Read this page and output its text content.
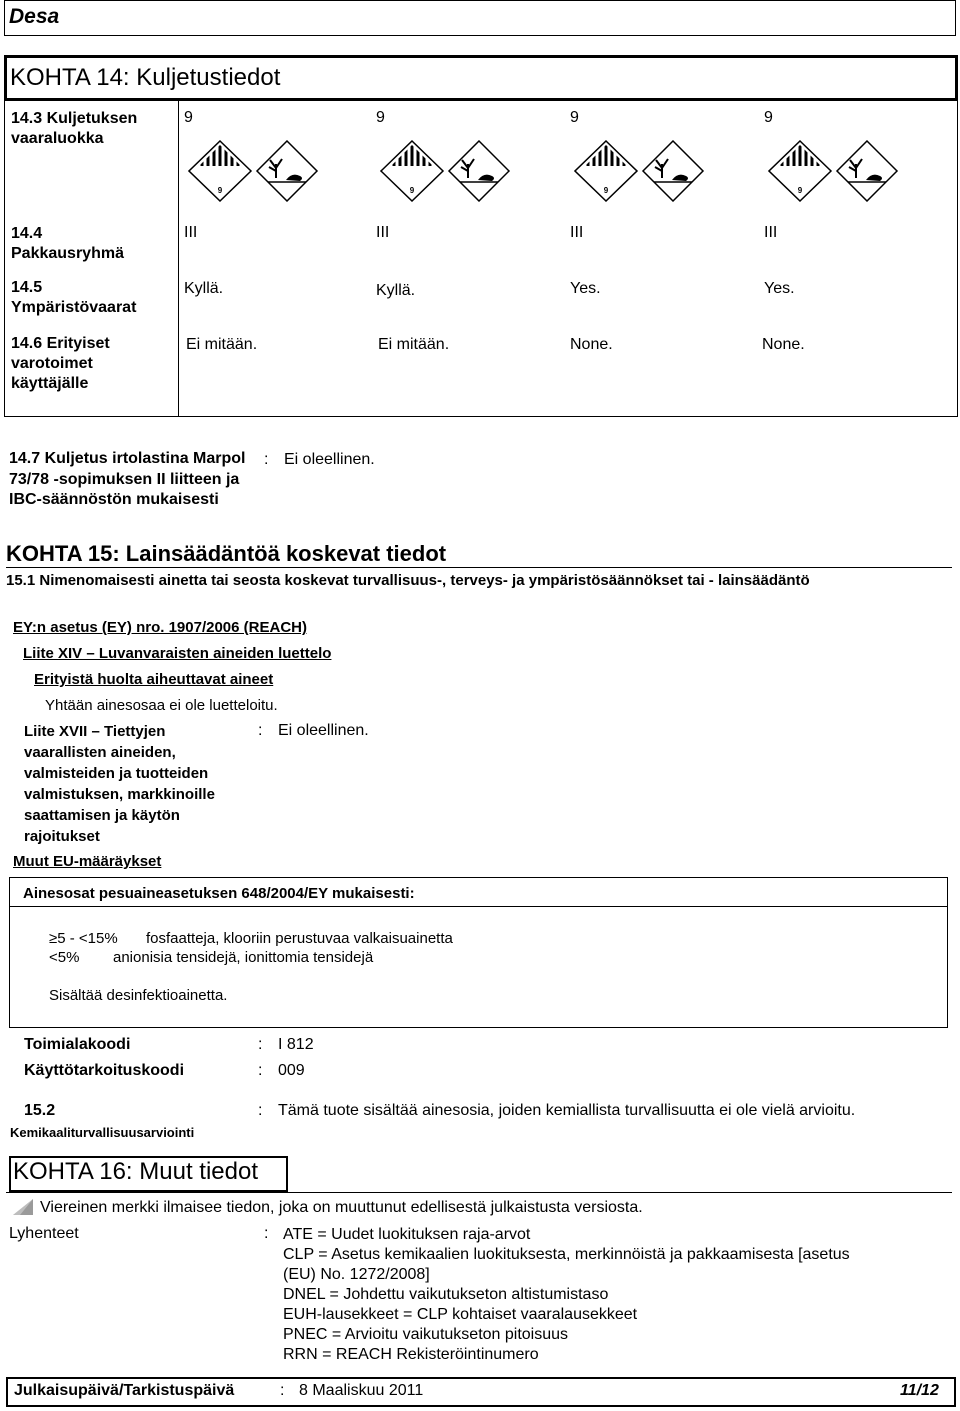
Desa
KOHTA 14: Kuljetustiedot
14.3 Kuljetuksen vaaraluokka
9	9	9	9
9	9	9	9
14.4 Pakkausryhmä
III	III	III	III
14.5 Ympäristövaarat
Kyllä.	Kyllä.	Yes.	Yes.
14.6 Erityiset varotoimet käyttäjälle
Ei mitään.	Ei mitään.	None.	None.
14.7 Kuljetus irtolastina Marpol 73/78 -sopimuksen II liitteen ja IBC-säännöstön mukaisesti
: Ei oleellinen.
KOHTA 15: Lainsäädäntöä koskevat tiedot
15.1 Nimenomaisesti ainetta tai seosta koskevat turvallisuus-, terveys- ja ympäristösäännökset tai - lainsäädäntö
EY:n asetus (EY) nro. 1907/2006 (REACH)
Liite XIV – Luvanvaraisten aineiden luettelo
Erityistä huolta aiheuttavat aineet
Yhtään ainesosaa ei ole luetteloitu.
Liite XVII – Tiettyjen vaarallisten aineiden, valmisteiden ja tuotteiden valmistuksen, markkinoille saattamisen ja käytön rajoitukset
: Ei oleellinen.
Muut EU-määräykset
Ainesosat pesuaineasetuksen 648/2004/EY mukaisesti:
≥5 - <15% fosfaatteja, klooriin perustuvaa valkaisuainetta
<5% anionisia tensidejä, ionittomia tensidejä
Sisältää desinfektioainetta.
Toimialakoodi	: I 812
Käyttötarkoituskoodi	: 009
15.2
Kemikaaliturvallisuusarviointi
: Tämä tuote sisältää ainesosia, joiden kemiallista turvallisuutta ei ole vielä arvioitu.
KOHTA 16: Muut tiedot
Viereinen merkki ilmaisee tiedon, joka on muuttunut edellisestä julkaistusta versiosta.
Lyhenteet	: ATE = Uudet luokituksen raja-arvot
CLP = Asetus kemikaalien luokituksesta, merkinnöistä ja pakkaamisesta [asetus
(EU) No. 1272/2008]
DNEL = Johdettu vaikutukseton altistumistaso
EUH-lausekkeet = CLP kohtaiset vaaralausekkeet
PNEC = Arvioitu vaikutukseton pitoisuus
RRN = REACH Rekisteröintinumero
Julkaisupäivä/Tarkistuspäivä	: 8 Maaliskuu 2011	11/12
